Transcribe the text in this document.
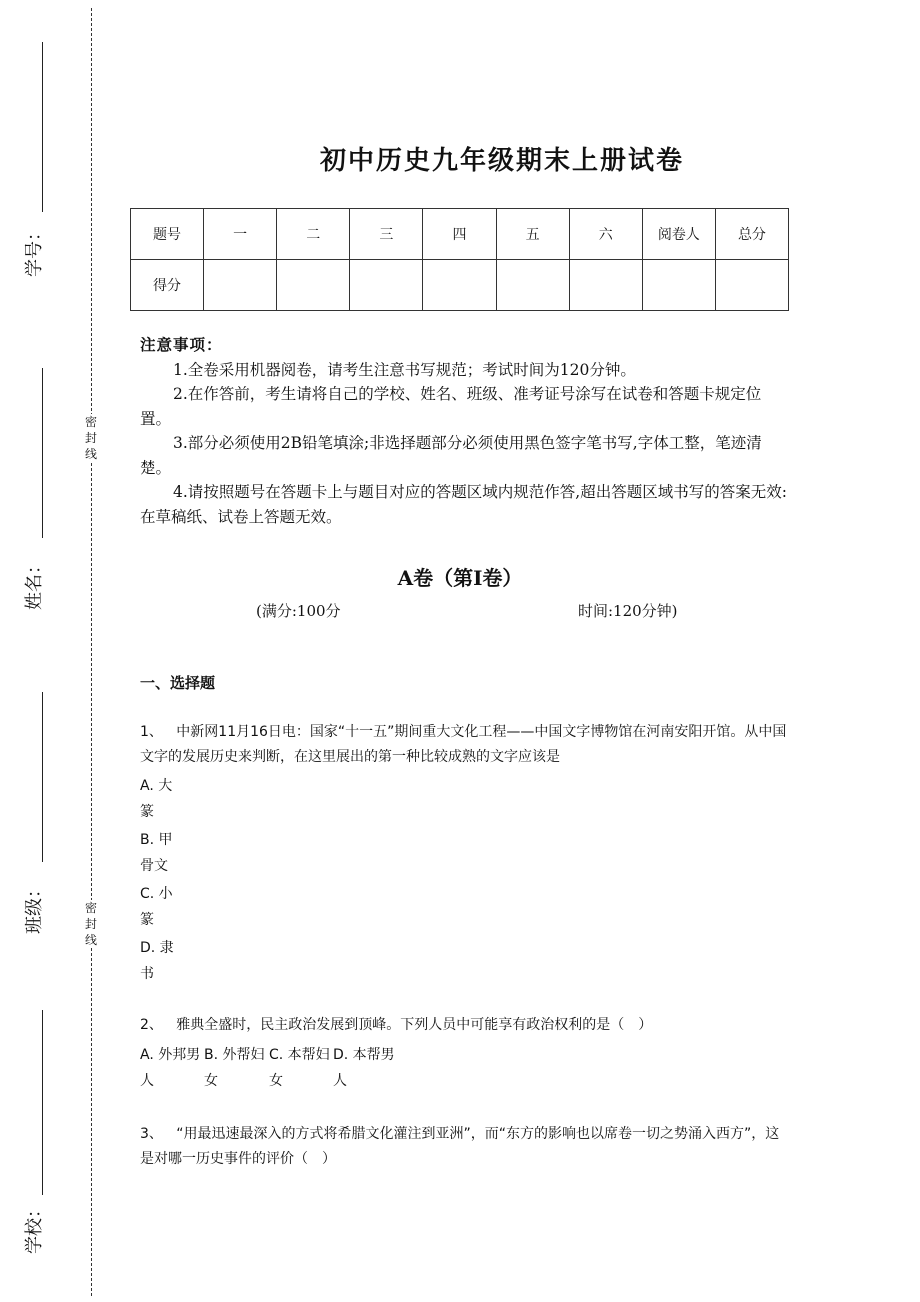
学号：
姓名：
班级：
学校：
密封线
密封线
初中历史九年级期末上册试卷
题号	一	二	三	四	五	六	阅卷人	总分
得分								
注意事项：

1.全卷采用机器阅卷，请考生注意书写规范；考试时间为120分钟。

2.在作答前，考生请将自己的学校、姓名、班级、准考证号涂写在试卷和答题卡规定位置。

3.部分必须使用2B铅笔填涂;非选择题部分必须使用黑色签字笔书写,字体工整，笔迹清楚。

4.请按照题号在答题卡上与题目对应的答题区域内规范作答,超出答题区域书写的答案无效:在草稿纸、试卷上答题无效。

A卷（第I卷）
(满分:100分	时间:120分钟)
一、选择题

1、 中新网11月16日电：国家“十一五”期间重大文化工程——中国文字博物馆在河南安阳开馆。从中国文字的发展历史来判断，在这里展出的第一种比较成熟的文字应该是

A. 大篆
B. 甲骨文
C. 小篆
D. 隶书

2、 雅典全盛时，民主政治发展到顶峰。下列人员中可能享有政治权利的是（　）

A. 外邦男人
B. 外帮妇女
C. 本帮妇女
D. 本帮男人

3、 “用最迅速最深入的方式将希腊文化灌注到亚洲”，而“东方的影响也以席卷一切之势涌入西方”，这是对哪一历史事件的评价（　）
